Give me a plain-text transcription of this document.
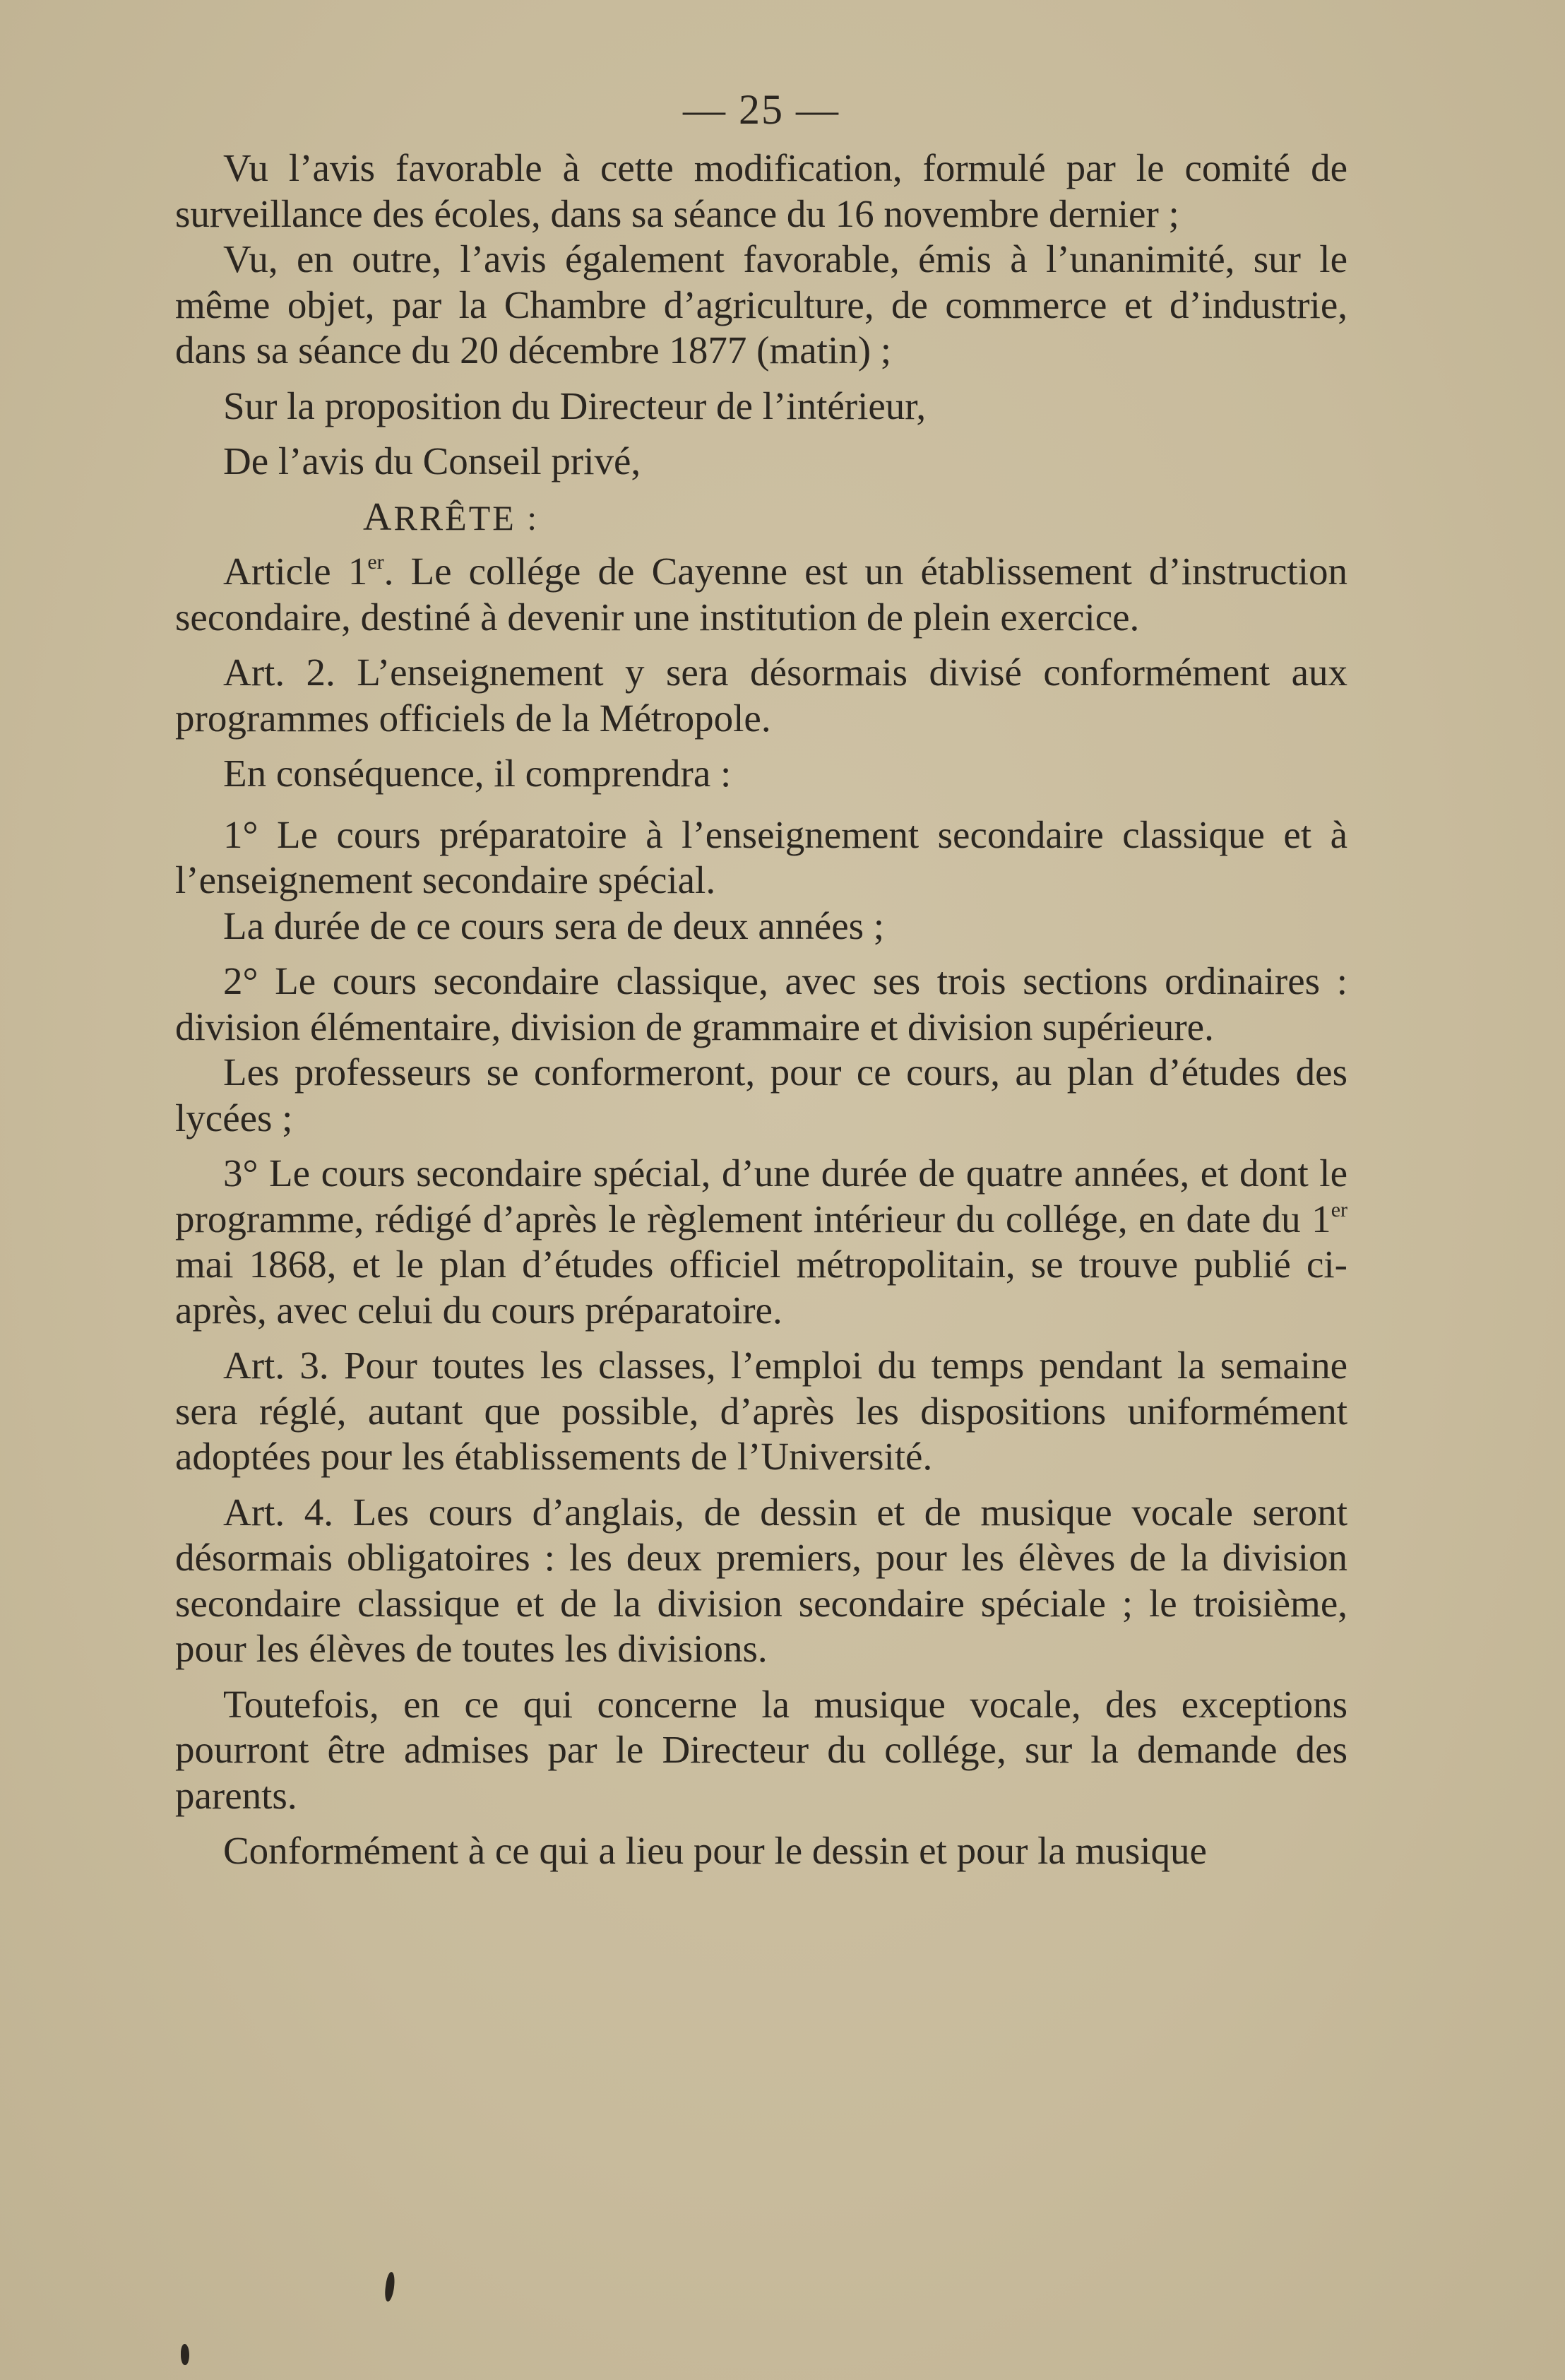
— 25 —

Vu l’avis favorable à cette modification, formulé par le comité de surveillance des écoles, dans sa séance du 16 novembre dernier ;

Vu, en outre, l’avis également favorable, émis à l’unanimité, sur le même objet, par la Chambre d’agriculture, de commerce et d’industrie, dans sa séance du 20 décembre 1877 (matin) ;

Sur la proposition du Directeur de l’intérieur,

De l’avis du Conseil privé,

ARRÊTE :

Article 1er. Le collége de Cayenne est un établissement d’instruction secondaire, destiné à devenir une institution de plein exercice.

Art. 2. L’enseignement y sera désormais divisé conformément aux programmes officiels de la Métropole.

En conséquence, il comprendra :

1° Le cours préparatoire à l’enseignement secondaire classique et à l’enseignement secondaire spécial.

La durée de ce cours sera de deux années ;

2° Le cours secondaire classique, avec ses trois sections ordinaires : division élémentaire, division de grammaire et division supérieure.

Les professeurs se conformeront, pour ce cours, au plan d’études des lycées ;

3° Le cours secondaire spécial, d’une durée de quatre années, et dont le programme, rédigé d’après le règlement intérieur du collége, en date du 1er mai 1868, et le plan d’études officiel métropolitain, se trouve publié ci-après, avec celui du cours préparatoire.

Art. 3. Pour toutes les classes, l’emploi du temps pendant la semaine sera réglé, autant que possible, d’après les dispositions uniformément adoptées pour les établissements de l’Université.

Art. 4. Les cours d’anglais, de dessin et de musique vocale seront désormais obligatoires : les deux premiers, pour les élèves de la division secondaire classique et de la division secondaire spéciale ; le troisième, pour les élèves de toutes les divisions.

Toutefois, en ce qui concerne la musique vocale, des exceptions pourront être admises par le Directeur du collége, sur la demande des parents.

Conformément à ce qui a lieu pour le dessin et pour la musique
